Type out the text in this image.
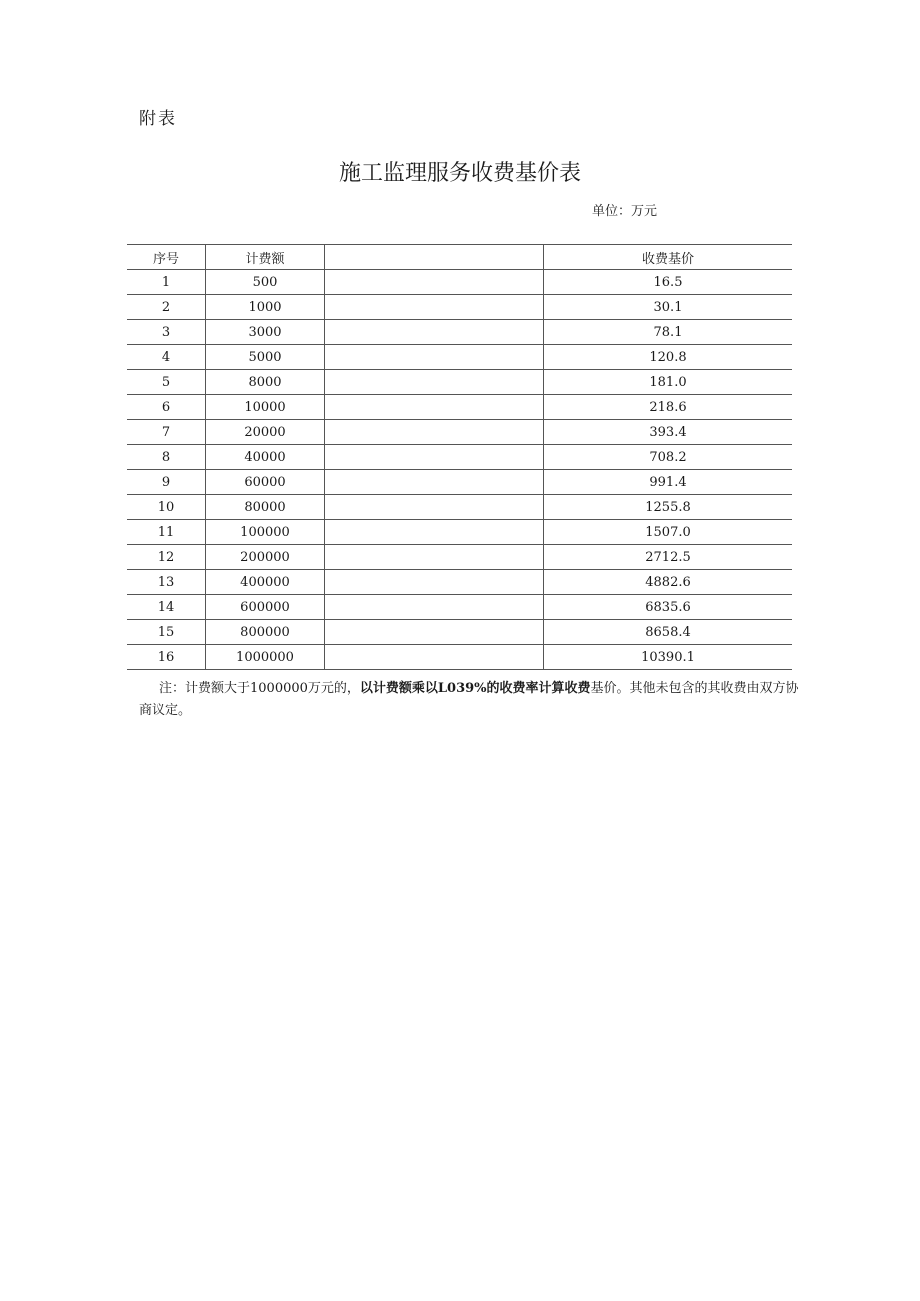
附表
施工监理服务收费基价表
单位：万元
序号	计费额		收费基价
1	500		16.5
2	1000		30.1
3	3000		78.1
4	5000		120.8
5	8000		181.0
6	10000		218.6
7	20000		393.4
8	40000		708.2
9	60000		991.4
10	80000		1255.8
11	100000		1507.0
12	200000		2712.5
13	400000		4882.6
14	600000		6835.6
15	800000		8658.4
16	1000000		10390.1
注：计费额大于1000000万元的，以计费额乘以L039%的收费率计算收费基价。其他未包含的其收费由双方协商议定。
